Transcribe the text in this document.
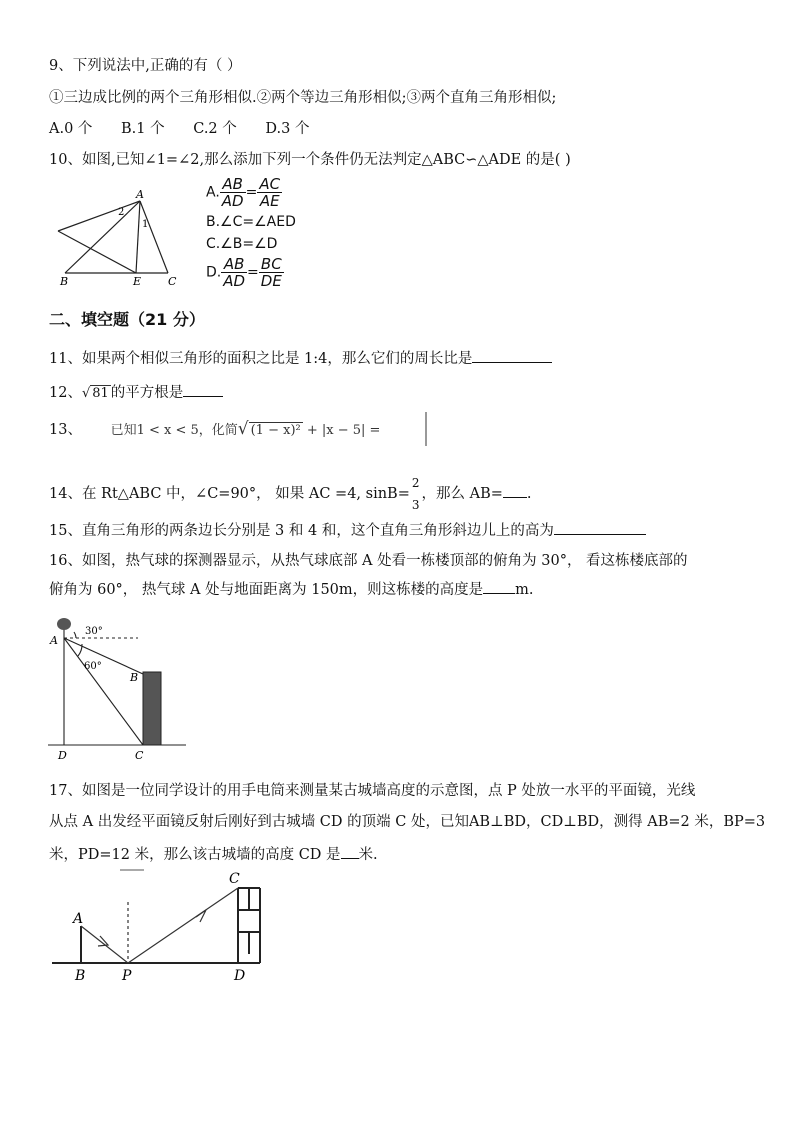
9、下列说法中,正确的有（ ）
①三边成比例的两个三角形相似.②两个等边三角形相似;③两个直角三角形相似;
A.0 个 B.1 个 C.2 个 D.3 个
10、如图,已知∠1=∠2,那么添加下列一个条件仍无法判定△ABC∽△ADE 的是( )
A
2
1
B	E C
A. $\frac{AB}{AD} = \frac{AC}{AE}$
B.∠C=∠AED
C.∠B=∠D
D. $\frac{AB}{AD} = \frac{BC}{DE}$
二、填空题（21 分）
11、如果两个相似三角形的面积之比是 1:4，那么它们的周长比是
12、√ 81 的平方根是
13、 已知1 < x < 5，化简√ (1 − x)² + |x − 5| =
14、在 Rt△ABC 中，∠C=90°， 如果 AC =4, sinB=
2
3
，那么 AB= .
15、直角三角形的两条边长分别是 3 和 4 和，这个直角三角形斜边儿上的高为
16、如图，热气球的探测器显示，从热气球底部 A 处看一栋楼顶部的俯角为 30°， 看这栋楼底部的
俯角为 60°， 热气球 A 处与地面距离为 150m，则这栋楼的高度是 m.
A
30°
60°
B
D	C
17、如图是一位同学设计的用手电筒来测量某古城墙高度的示意图，点 P 处放一水平的平面镜，光线
从点 A 出发经平面镜反射后刚好到古城墙 CD 的顶端 C 处，已知AB⊥BD，CD⊥BD，测得 AB=2 米，BP=3
米，PD=12 米，那么该古城墙的高度 CD 是 米.
A
B	P
C
D
